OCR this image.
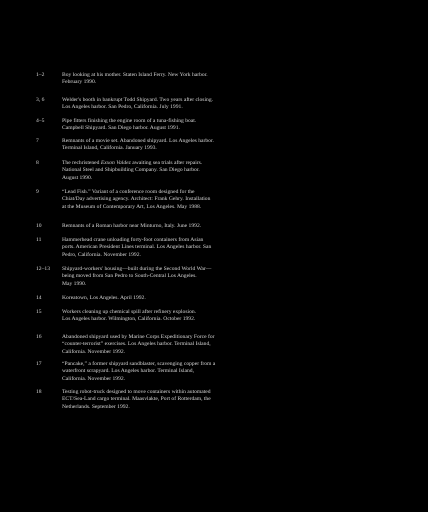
1–2	Boy looking at his mother. Staten Island Ferry. New York harbor.
February 1990.
3, 6	Welder's booth in bankrupt Todd Shipyard. Two years after closing.
Los Angeles harbor. San Pedro, California. July 1991.
4–5	Pipe fitters finishing the engine room of a tuna-fishing boat.
Campbell Shipyard. San Diego harbor. August 1991.
7	Remnants of a movie set. Abandoned shipyard. Los Angeles harbor.
Terminal Island, California. January 1993.
8	The rechristened Exxon Valdez awaiting sea trials after repairs.
National Steel and Shipbuilding Company. San Diego harbor.
August 1990.
9	“Lead Fish.” Variant of a conference room designed for the
Chiat/Day advertising agency. Architect: Frank Gehry. Installation
at the Museum of Contemporary Art, Los Angeles. May 1988.
10	Remnants of a Roman harbor near Minturno, Italy. June 1992.
11	Hammerhead crane unloading forty-foot containers from Asian
ports. American President Lines terminal. Los Angeles harbor. San
Pedro, California. November 1992.
12–13	Shipyard-workers' housing—built during the Second World War—
being moved from San Pedro to South-Central Los Angeles.
May 1990.
14	Koreatown, Los Angeles. April 1992.
15	Workers cleaning up chemical spill after refinery explosion.
Los Angeles harbor. Wilmington, California. October 1992.
16	Abandoned shipyard used by Marine Corps Expeditionary Force for
“counter-terrorist” exercises. Los Angeles harbor. Terminal Island,
California. November 1992.
17	“Pancake,” a former shipyard sandblaster, scavenging copper from a
waterfront scrapyard. Los Angeles harbor. Terminal Island,
California. November 1992.
18	Testing robot-truck designed to move containers within automated
ECT/Sea-Land cargo terminal. Maasvlakte, Port of Rotterdam, the
Netherlands. September 1992.
